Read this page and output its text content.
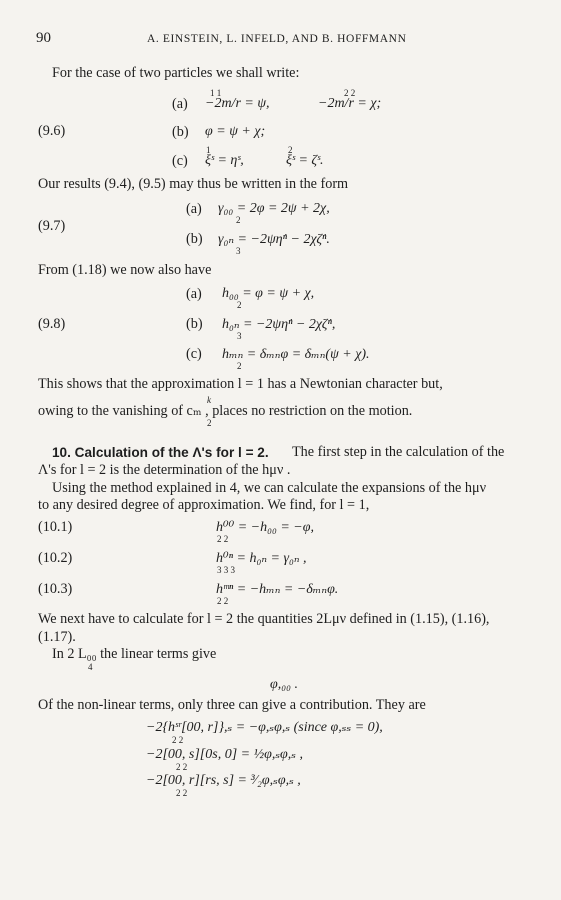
90	A. EINSTEIN, L. INFELD, AND B. HOFFMANN
For the case of two particles we shall write:
(9.6)
1 1	2 2
(a) −2m/r = ψ,	−2m/r = χ;
(b) φ = ψ + χ;
1	2
(c) ξˢ = ηˢ,	ξˢ = ζˢ.
Our results (9.4), (9.5) may thus be written in the form
(9.7)
(a) γ₀₀ = 2φ = 2ψ + 2χ,
2
(b) γ₀ₙ = −2ψη̇ⁿ − 2χζ̇ⁿ.
3
From (1.18) we now also have
(9.8)
(a) h₀₀ = φ = ψ + χ,
2
(b) h₀ₙ = −2ψη̇ⁿ − 2χζ̇ⁿ,
3
(c) hₘₙ = δₘₙφ = δₘₙ(ψ + χ).
2
This shows that the approximation l = 1 has a Newtonian character but,
k
owing to the vanishing of cₘ , places no restriction on the motion.
2
10. Calculation of the Λ's for l = 2. The first step in the calculation of the
Λ's for l = 2 is the determination of the hμν .
Using the method explained in 4, we can calculate the expansions of the hμν
to any desired degree of approximation. We find, for l = 1,
(10.1)	h⁰⁰ = −h₀₀ = −φ,
2 2
(10.2)	h⁰ⁿ = h₀ₙ = γ₀ₙ ,
3 3 3
(10.3)	hᵐⁿ = −hₘₙ = −δₘₙφ.
2 2
We next have to calculate for l = 2 the quantities 2Lμν defined in (1.15), (1.16),
(1.17).
In 2 L₀₀ the linear terms give
4
φ,₀₀ .
Of the non-linear terms, only three can give a contribution. They are
−2{hˢʳ[00, r]},ₛ = −φ,ₛφ,ₛ (since φ,ₛₛ = 0),
2 2
−2[00, s][0s, 0] = ½φ,ₛφ,ₛ ,
2 2
−2[00, r][rs, s] = ³⁄₂φ,ₛφ,ₛ ,
2 2
